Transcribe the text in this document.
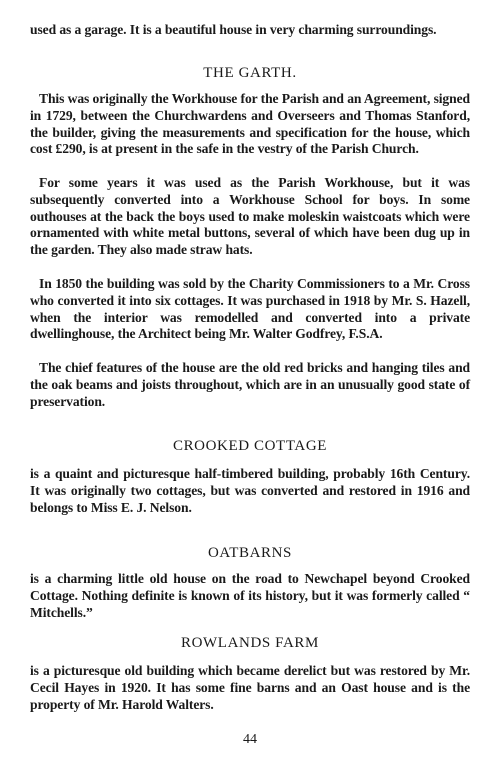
used as a garage. It is a beautiful house in very charming surroundings.

THE GARTH.

This was originally the Workhouse for the Parish and an Agreement, signed in 1729, between the Churchwardens and Overseers and Thomas Stanford, the builder, giving the measurements and specification for the house, which cost £290, is at present in the safe in the vestry of the Parish Church.

For some years it was used as the Parish Workhouse, but it was subsequently converted into a Workhouse School for boys. In some outhouses at the back the boys used to make moleskin waistcoats which were ornamented with white metal buttons, several of which have been dug up in the garden. They also made straw hats.

In 1850 the building was sold by the Charity Commissioners to a Mr. Cross who converted it into six cottages. It was purchased in 1918 by Mr. S. Hazell, when the interior was remodelled and converted into a private dwellinghouse, the Architect being Mr. Walter Godfrey, F.S.A.

The chief features of the house are the old red bricks and hanging tiles and the oak beams and joists throughout, which are in an unusually good state of preservation.

CROOKED COTTAGE

is a quaint and picturesque half-timbered building, probably 16th Century. It was originally two cottages, but was converted and restored in 1916 and belongs to Miss E. J. Nelson.

OATBARNS

is a charming little old house on the road to Newchapel beyond Crooked Cottage. Nothing definite is known of its history, but it was formerly called “ Mitchells.”

ROWLANDS FARM

is a picturesque old building which became derelict but was restored by Mr. Cecil Hayes in 1920. It has some fine barns and an Oast house and is the property of Mr. Harold Walters.

44
